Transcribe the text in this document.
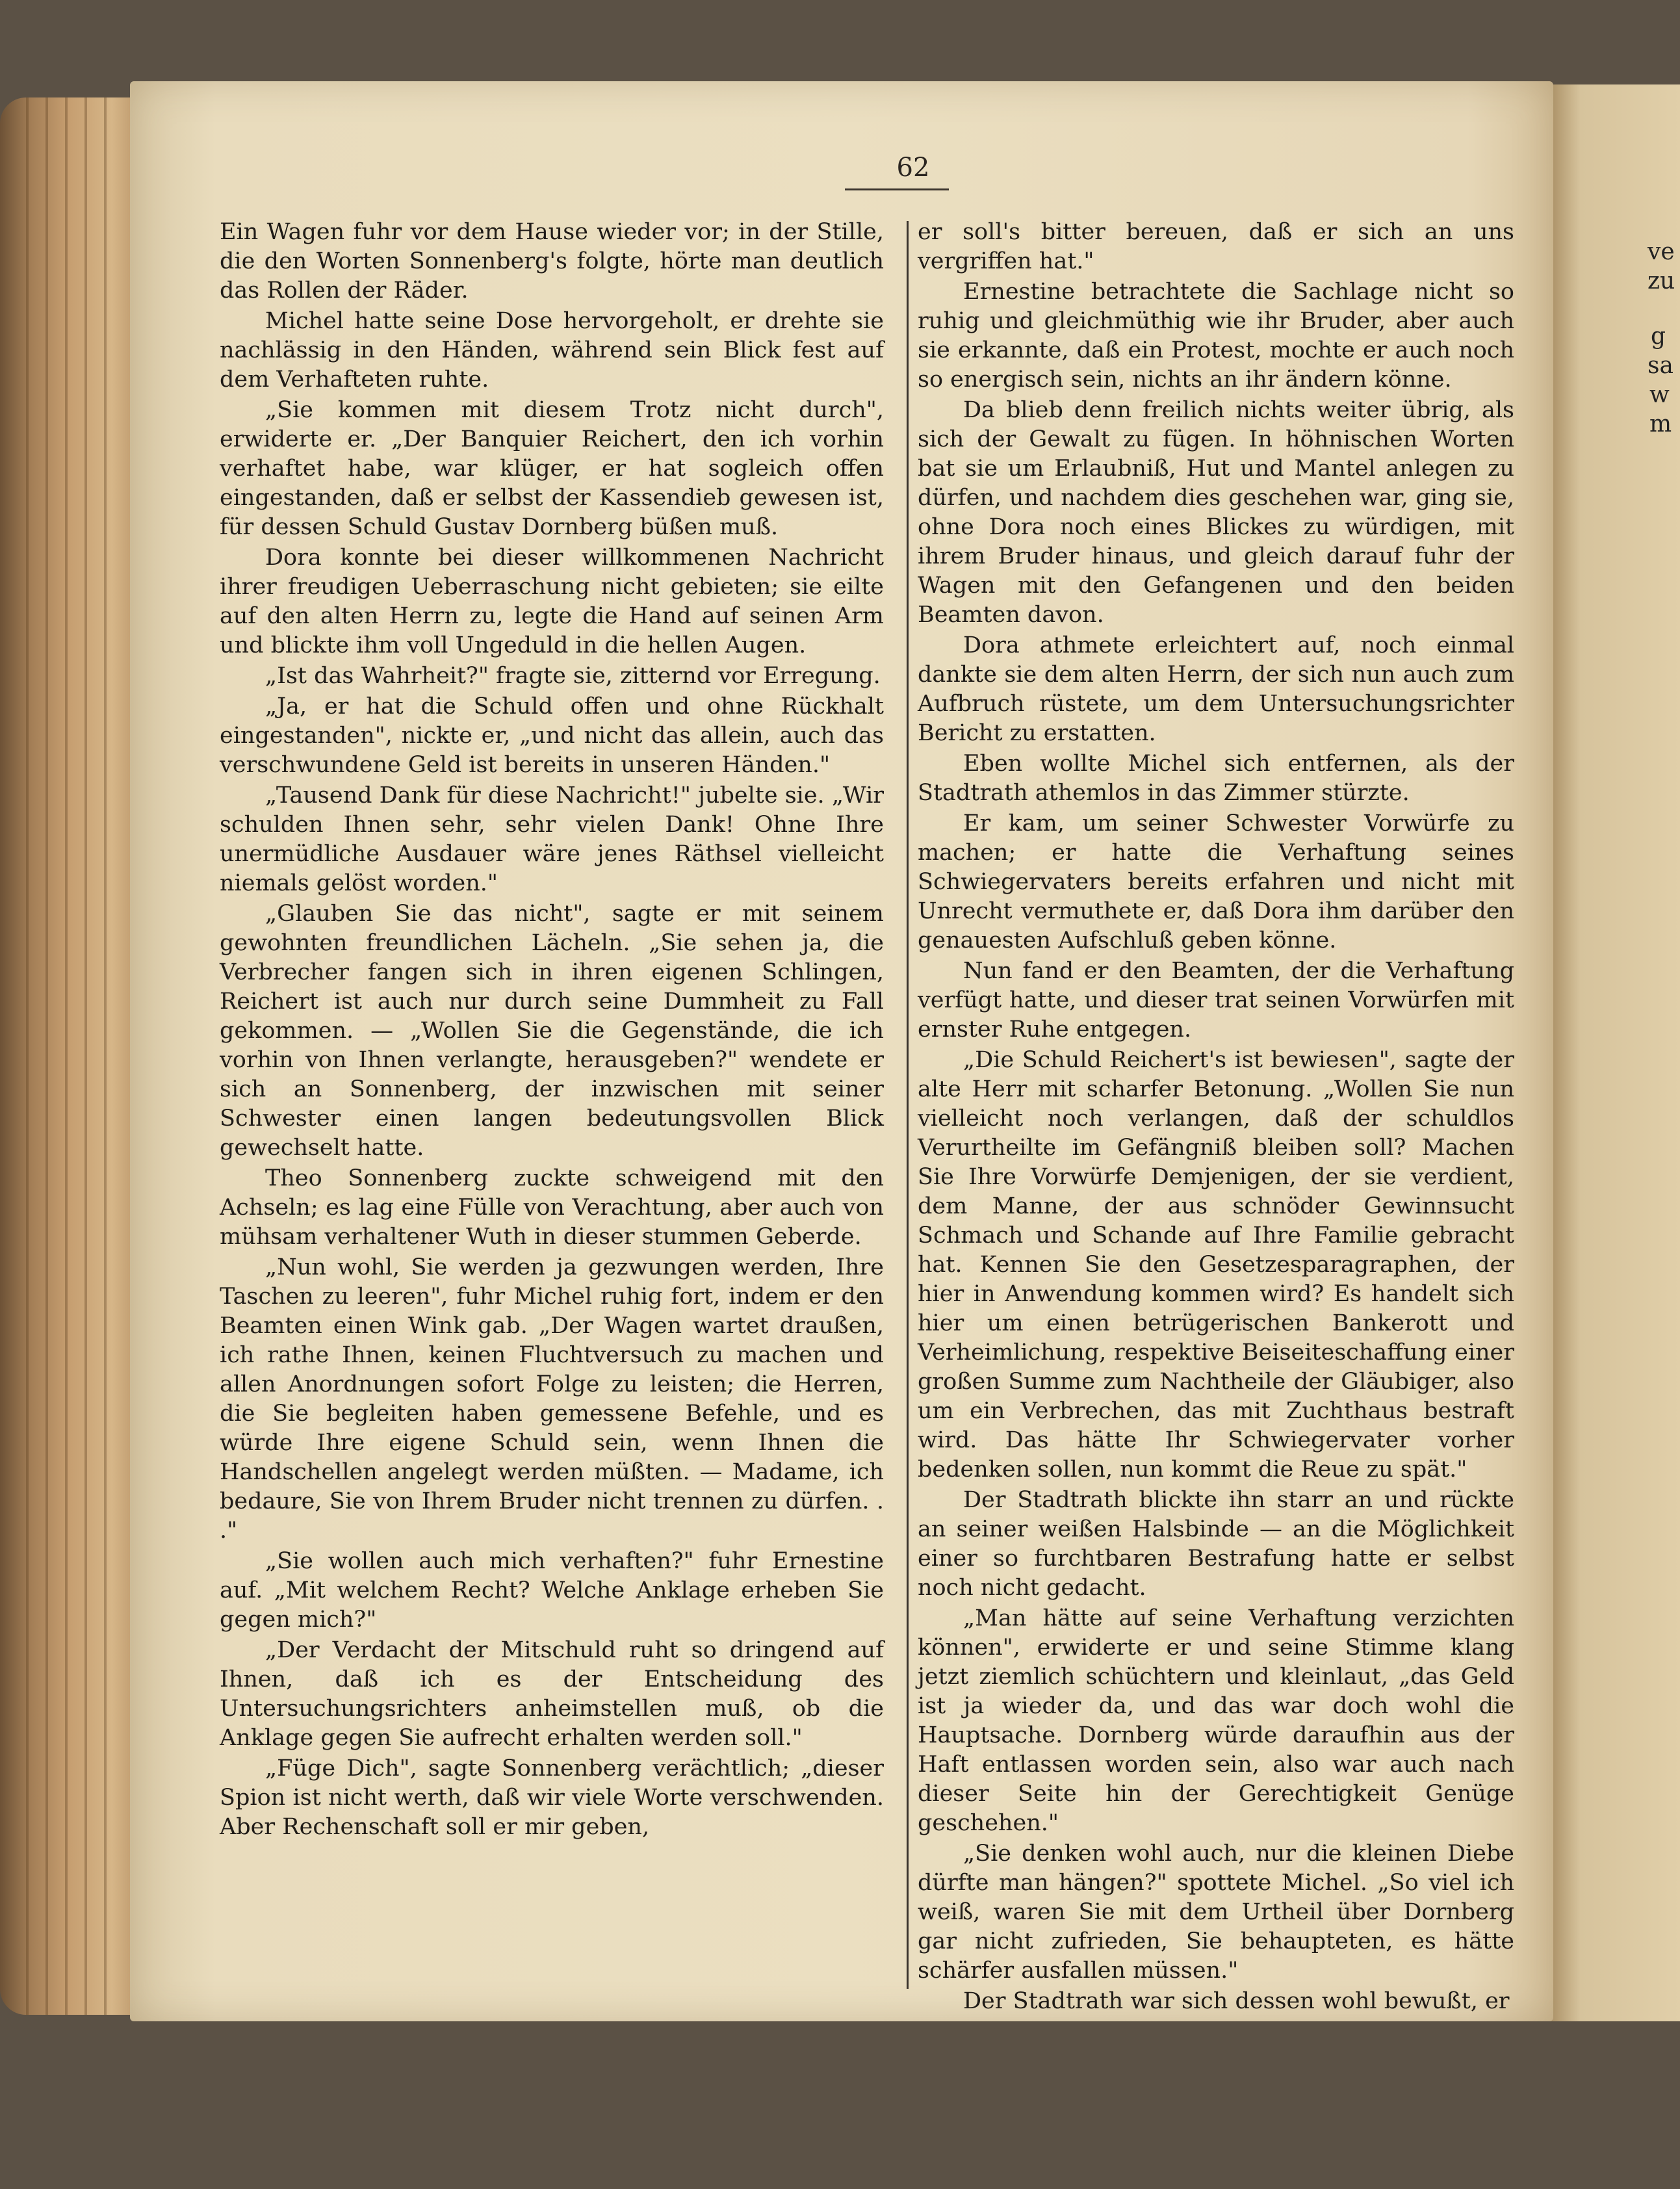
ve
zu
g
sa
w
m
62

Ein Wagen fuhr vor dem Hause wieder vor; in der Stille, die den Worten Sonnenberg's folgte, hörte man deutlich das Rollen der Räder.

Michel hatte seine Dose hervorgeholt, er drehte sie nachlässig in den Händen, während sein Blick fest auf dem Verhafteten ruhte.

„Sie kommen mit diesem Trotz nicht durch", erwiderte er. „Der Banquier Reichert, den ich vorhin verhaftet habe, war klüger, er hat sogleich offen eingestanden, daß er selbst der Kassendieb gewesen ist, für dessen Schuld Gustav Dornberg büßen muß.

Dora konnte bei dieser willkommenen Nachricht ihrer freudigen Ueberraschung nicht gebieten; sie eilte auf den alten Herrn zu, legte die Hand auf seinen Arm und blickte ihm voll Ungeduld in die hellen Augen.

„Ist das Wahrheit?" fragte sie, zitternd vor Erregung.

„Ja, er hat die Schuld offen und ohne Rückhalt eingestanden", nickte er, „und nicht das allein, auch das verschwundene Geld ist bereits in unseren Händen."

„Tausend Dank für diese Nachricht!" jubelte sie. „Wir schulden Ihnen sehr, sehr vielen Dank! Ohne Ihre unermüdliche Ausdauer wäre jenes Räthsel vielleicht niemals gelöst worden."

„Glauben Sie das nicht", sagte er mit seinem gewohnten freundlichen Lächeln. „Sie sehen ja, die Verbrecher fangen sich in ihren eigenen Schlingen, Reichert ist auch nur durch seine Dummheit zu Fall gekommen. — „Wollen Sie die Gegenstände, die ich vorhin von Ihnen verlangte, herausgeben?" wendete er sich an Sonnenberg, der inzwischen mit seiner Schwester einen langen bedeutungsvollen Blick gewechselt hatte.

Theo Sonnenberg zuckte schweigend mit den Achseln; es lag eine Fülle von Verachtung, aber auch von mühsam verhaltener Wuth in dieser stummen Geberde.

„Nun wohl, Sie werden ja gezwungen werden, Ihre Taschen zu leeren", fuhr Michel ruhig fort, indem er den Beamten einen Wink gab. „Der Wagen wartet draußen, ich rathe Ihnen, keinen Fluchtversuch zu machen und allen Anordnungen sofort Folge zu leisten; die Herren, die Sie begleiten haben gemessene Befehle, und es würde Ihre eigene Schuld sein, wenn Ihnen die Handschellen angelegt werden müßten. — Madame, ich bedaure, Sie von Ihrem Bruder nicht trennen zu dürfen. . ."

„Sie wollen auch mich verhaften?" fuhr Ernestine auf. „Mit welchem Recht? Welche Anklage erheben Sie gegen mich?"

„Der Verdacht der Mitschuld ruht so dringend auf Ihnen, daß ich es der Entscheidung des Untersuchungsrichters anheimstellen muß, ob die Anklage gegen Sie aufrecht erhalten werden soll."

„Füge Dich", sagte Sonnenberg verächtlich; „dieser Spion ist nicht werth, daß wir viele Worte verschwenden. Aber Rechenschaft soll er mir geben,

er soll's bitter bereuen, daß er sich an uns vergriffen hat."

Ernestine betrachtete die Sachlage nicht so ruhig und gleichmüthig wie ihr Bruder, aber auch sie erkannte, daß ein Protest, mochte er auch noch so energisch sein, nichts an ihr ändern könne.

Da blieb denn freilich nichts weiter übrig, als sich der Gewalt zu fügen. In höhnischen Worten bat sie um Erlaubniß, Hut und Mantel anlegen zu dürfen, und nachdem dies geschehen war, ging sie, ohne Dora noch eines Blickes zu würdigen, mit ihrem Bruder hinaus, und gleich darauf fuhr der Wagen mit den Gefangenen und den beiden Beamten davon.

Dora athmete erleichtert auf, noch einmal dankte sie dem alten Herrn, der sich nun auch zum Aufbruch rüstete, um dem Untersuchungsrichter Bericht zu erstatten.

Eben wollte Michel sich entfernen, als der Stadtrath athemlos in das Zimmer stürzte.

Er kam, um seiner Schwester Vorwürfe zu machen; er hatte die Verhaftung seines Schwiegervaters bereits erfahren und nicht mit Unrecht vermuthete er, daß Dora ihm darüber den genauesten Aufschluß geben könne.

Nun fand er den Beamten, der die Verhaftung verfügt hatte, und dieser trat seinen Vorwürfen mit ernster Ruhe entgegen.

„Die Schuld Reichert's ist bewiesen", sagte der alte Herr mit scharfer Betonung. „Wollen Sie nun vielleicht noch verlangen, daß der schuldlos Verurtheilte im Gefängniß bleiben soll? Machen Sie Ihre Vorwürfe Demjenigen, der sie verdient, dem Manne, der aus schnöder Gewinnsucht Schmach und Schande auf Ihre Familie gebracht hat. Kennen Sie den Gesetzesparagraphen, der hier in Anwendung kommen wird? Es handelt sich hier um einen betrügerischen Bankerott und Verheimlichung, respektive Beiseiteschaffung einer großen Summe zum Nachtheile der Gläubiger, also um ein Verbrechen, das mit Zuchthaus bestraft wird. Das hätte Ihr Schwiegervater vorher bedenken sollen, nun kommt die Reue zu spät."

Der Stadtrath blickte ihn starr an und rückte an seiner weißen Halsbinde — an die Möglichkeit einer so furchtbaren Bestrafung hatte er selbst noch nicht gedacht.

„Man hätte auf seine Verhaftung verzichten können", erwiderte er und seine Stimme klang jetzt ziemlich schüchtern und kleinlaut, „das Geld ist ja wieder da, und das war doch wohl die Hauptsache. Dornberg würde daraufhin aus der Haft entlassen worden sein, also war auch nach dieser Seite hin der Gerechtigkeit Genüge geschehen."

„Sie denken wohl auch, nur die kleinen Diebe dürfte man hängen?" spottete Michel. „So viel ich weiß, waren Sie mit dem Urtheil über Dornberg gar nicht zufrieden, Sie behaupteten, es hätte schärfer ausfallen müssen."

Der Stadtrath war sich dessen wohl bewußt, er
